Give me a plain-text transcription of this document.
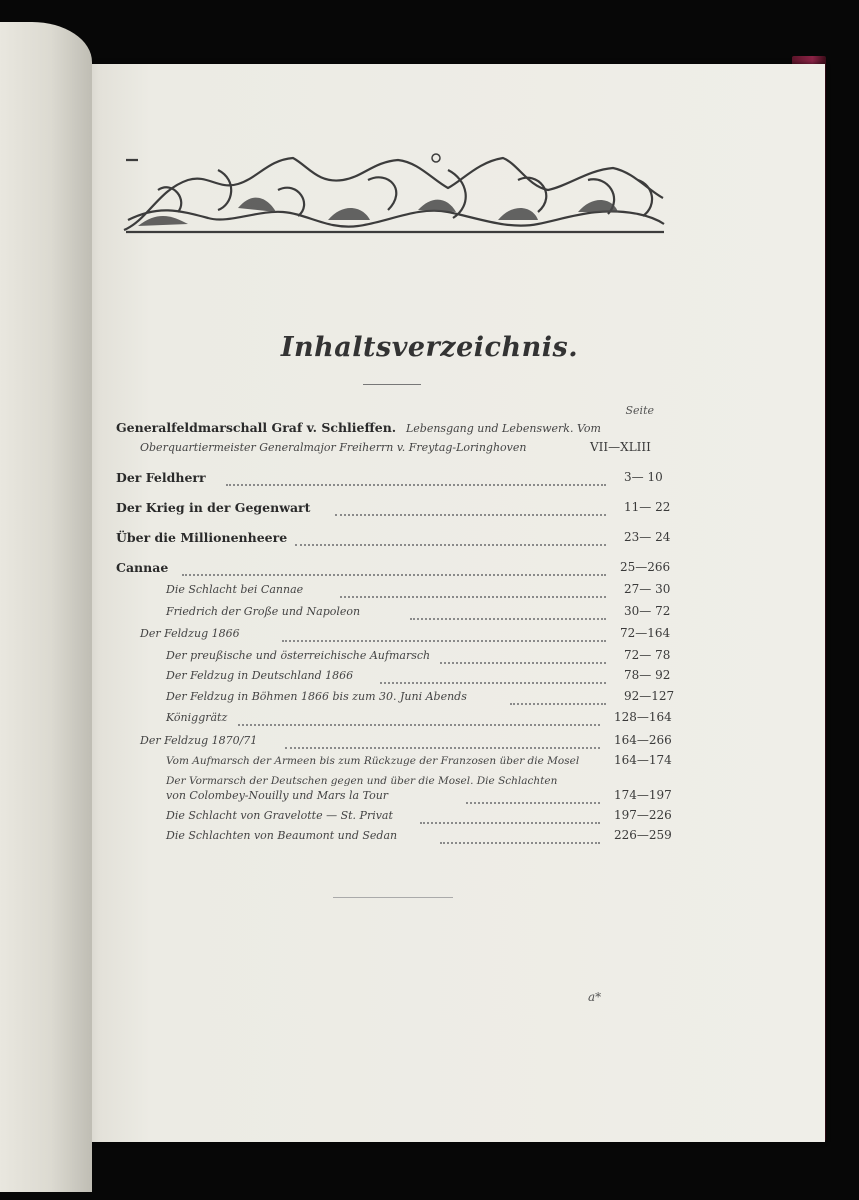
Inhaltsverzeichnis.
Seite
Generalfeldmarschall Graf v. Schlieffen. Lebensgang und Lebenswerk. Vom
Oberquartiermeister Generalmajor Freiherrn v. Freytag-Loringhoven	VII—XLIII
Der Feldherr	3— 10
Der Krieg in der Gegenwart	11— 22
Über die Millionenheere	23— 24
Cannae	25—266
Die Schlacht bei Cannae	27— 30
Friedrich der Große und Napoleon	30— 72
Der Feldzug 1866	72—164
Der preußische und österreichische Aufmarsch	72— 78
Der Feldzug in Deutschland 1866	78— 92
Der Feldzug in Böhmen 1866 bis zum 30. Juni Abends	92—127
Königgrätz	128—164
Der Feldzug 1870/71	164—266
Vom Aufmarsch der Armeen bis zum Rückzuge der Franzosen über die Mosel	164—174
Der Vormarsch der Deutschen gegen und über die Mosel. Die Schlachten
von Colombey-Nouilly und Mars la Tour	174—197
Die Schlacht von Gravelotte — St. Privat	197—226
Die Schlachten von Beaumont und Sedan	226—259
a*
